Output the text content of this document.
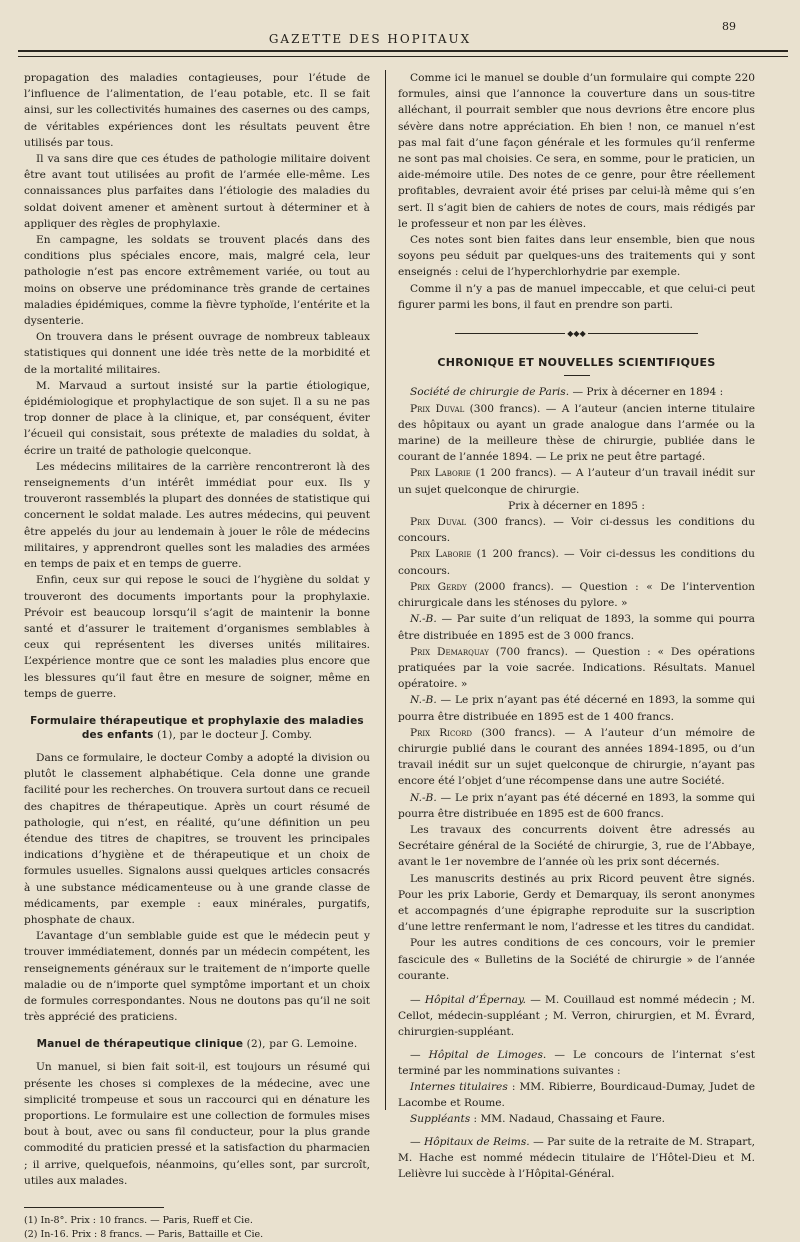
89
GAZETTE DES HOPITAUX

propagation des maladies contagieuses, pour l’étude de l’influence de l’alimentation, de l’eau potable, etc. Il se fait ainsi, sur les collectivités humaines des casernes ou des camps, de véritables expériences dont les résultats peuvent être utilisés par tous.

Il va sans dire que ces études de pathologie militaire doivent être avant tout utilisées au profit de l’armée elle-même. Les connaissances plus parfaites dans l’étiologie des maladies du soldat doivent amener et amènent surtout à déterminer et à appliquer des règles de prophylaxie.

En campagne, les soldats se trouvent placés dans des conditions plus spéciales encore, mais, malgré cela, leur pathologie n’est pas encore extrêmement variée, ou tout au moins on observe une prédominance très grande de certaines maladies épidémiques, comme la fièvre typhoïde, l’entérite et la dysenterie.

On trouvera dans le présent ouvrage de nombreux tableaux statistiques qui donnent une idée très nette de la morbidité et de la mortalité militaires.

M. Marvaud a surtout insisté sur la partie étiologique, épidémiologique et prophylactique de son sujet. Il a su ne pas trop donner de place à la clinique, et, par conséquent, éviter l’écueil qui consistait, sous prétexte de maladies du soldat, à écrire un traité de pathologie quelconque.

Les médecins militaires de la carrière rencontreront là des renseignements d’un intérêt immédiat pour eux. Ils y trouveront rassemblés la plupart des données de statistique qui concernent le soldat malade. Les autres médecins, qui peuvent être appelés du jour au lendemain à jouer le rôle de médecins militaires, y apprendront quelles sont les maladies des armées en temps de paix et en temps de guerre.

Enfin, ceux sur qui repose le souci de l’hygiène du soldat y trouveront des documents importants pour la prophylaxie. Prévoir est beaucoup lorsqu’il s’agit de maintenir la bonne santé et d’assurer le traitement d’organismes semblables à ceux qui représentent les diverses unités militaires. L’expérience montre que ce sont les maladies plus encore que les blessures qu’il faut être en mesure de soigner, même en temps de guerre.

Formulaire thérapeutique et prophylaxie des maladies des enfants (1), par le docteur J. Comby.

Dans ce formulaire, le docteur Comby a adopté la division ou plutôt le classement alphabétique. Cela donne une grande facilité pour les recherches. On trouvera surtout dans ce recueil des chapitres de thérapeutique. Après un court résumé de pathologie, qui n’est, en réalité, qu’une définition un peu étendue des titres de chapitres, se trouvent les principales indications d’hygiène et de thérapeutique et un choix de formules usuelles. Signalons aussi quelques articles consacrés à une substance médicamenteuse ou à une grande classe de médicaments, par exemple : eaux minérales, purgatifs, phosphate de chaux.

L’avantage d’un semblable guide est que le médecin peut y trouver immédiatement, donnés par un médecin compétent, les renseignements généraux sur le traitement de n’importe quelle maladie ou de n’importe quel symptôme important et un choix de formules correspondantes. Nous ne doutons pas qu’il ne soit très apprécié des praticiens.

Manuel de thérapeutique clinique (2), par G. Lemoine.

Un manuel, si bien fait soit-il, est toujours un résumé qui présente les choses si complexes de la médecine, avec une simplicité trompeuse et sous un raccourci qui en dénature les proportions. Le formulaire est une collection de formules mises bout à bout, avec ou sans fil conducteur, pour la plus grande commodité du praticien pressé et la satisfaction du pharmacien ; il arrive, quelquefois, néanmoins, qu’elles sont, par surcroît, utiles aux malades.

(1) In-8°. Prix : 10 francs. — Paris, Rueff et Cie.

(2) In-16. Prix : 8 francs. — Paris, Battaille et Cie.

Comme ici le manuel se double d’un formulaire qui compte 220 formules, ainsi que l’annonce la couverture dans un sous-titre alléchant, il pourrait sembler que nous devrions être encore plus sévère dans notre appréciation. Eh bien ! non, ce manuel n’est pas mal fait d’une façon générale et les formules qu’il renferme ne sont pas mal choisies. Ce sera, en somme, pour le praticien, un aide-mémoire utile. Des notes de ce genre, pour être réellement profitables, devraient avoir été prises par celui-là même qui s’en sert. Il s’agit bien de cahiers de notes de cours, mais rédigés par le professeur et non par les élèves.

Ces notes sont bien faites dans leur ensemble, bien que nous soyons peu séduit par quelques-uns des traitements qui y sont enseignés : celui de l’hyperchlorhydrie par exemple.

Comme il n’y a pas de manuel impeccable, et que celui-ci peut figurer parmi les bons, il faut en prendre son parti.

◆◆◆
CHRONIQUE ET NOUVELLES SCIENTIFIQUES

Société de chirurgie de Paris. — Prix à décerner en 1894 :

Prix Duval (300 francs). — A l’auteur (ancien interne titulaire des hôpitaux ou ayant un grade analogue dans l’armée ou la marine) de la meilleure thèse de chirurgie, publiée dans le courant de l’année 1894. — Le prix ne peut être partagé.

Prix Laborie (1 200 francs). — A l’auteur d’un travail inédit sur un sujet quelconque de chirurgie.

Prix à décerner en 1895 :

Prix Duval (300 francs). — Voir ci-dessus les conditions du concours.

Prix Laborie (1 200 francs). — Voir ci-dessus les conditions du concours.

Prix Gerdy (2000 francs). — Question : « De l’intervention chirurgicale dans les sténoses du pylore. »

N.-B. — Par suite d’un reliquat de 1893, la somme qui pourra être distribuée en 1895 est de 3 000 francs.

Prix Demarquay (700 francs). — Question : « Des opérations pratiquées par la voie sacrée. Indications. Résultats. Manuel opératoire. »

N.-B. — Le prix n’ayant pas été décerné en 1893, la somme qui pourra être distribuée en 1895 est de 1 400 francs.

Prix Ricord (300 francs). — A l’auteur d’un mémoire de chirurgie publié dans le courant des années 1894-1895, ou d’un travail inédit sur un sujet quelconque de chirurgie, n’ayant pas encore été l’objet d’une récompense dans une autre Société.

N.-B. — Le prix n’ayant pas été décerné en 1893, la somme qui pourra être distribuée en 1895 est de 600 francs.

Les travaux des concurrents doivent être adressés au Secrétaire général de la Société de chirurgie, 3, rue de l’Abbaye, avant le 1er novembre de l’année où les prix sont décernés.

Les manuscrits destinés au prix Ricord peuvent être signés. Pour les prix Laborie, Gerdy et Demarquay, ils seront anonymes et accompagnés d’une épigraphe reproduite sur la suscription d’une lettre renfermant le nom, l’adresse et les titres du candidat.

Pour les autres conditions de ces concours, voir le premier fascicule des « Bulletins de la Société de chirurgie » de l’année courante.

— Hôpital d’Épernay. — M. Couillaud est nommé médecin ; M. Cellot, médecin-suppléant ; M. Verron, chirurgien, et M. Évrard, chirurgien-suppléant.

— Hôpital de Limoges. — Le concours de l’internat s’est terminé par les nomminations suivantes :

Internes titulaires : MM. Ribierre, Bourdicaud-Dumay, Judet de Lacombe et Roume.

Suppléants : MM. Nadaud, Chassaing et Faure.

— Hôpitaux de Reims. — Par suite de la retraite de M. Strapart, M. Hache est nommé médecin titulaire de l’Hôtel-Dieu et M. Lelièvre lui succède à l’Hôpital-Général.
